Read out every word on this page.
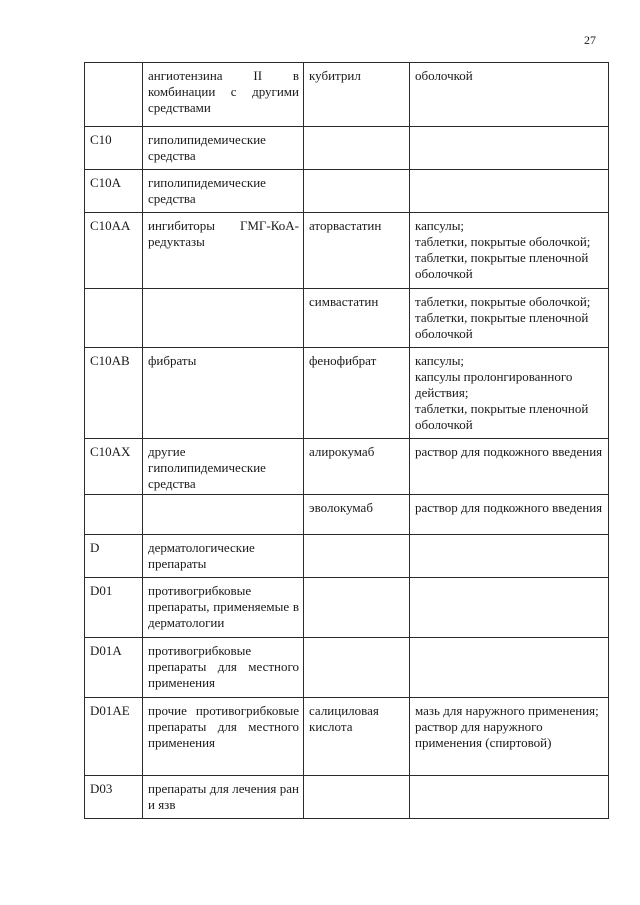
27
	ангиотензина II в комбинации с другими средствами	кубитрил	оболочкой

C10	гиполипидемические средства		
C10A	гиполипидемические средства		
C10AA	ингибиторы ГМГ-КоА-редуктазы	аторвастатин	капсулы;
таблетки, покрытые оболочкой;
таблетки, покрытые пленочной оболочкой

		симвастатин	таблетки, покрытые оболочкой;
таблетки, покрытые пленочной оболочкой

C10AB	фибраты	фенофибрат	капсулы;
капсулы пролонгированного действия;
таблетки, покрытые пленочной оболочкой

C10AX	другие гиполипидемические средства	алирокумаб	раствор для подкожного введения

		эволокумаб	раствор для подкожного введения

D	дерматологические препараты		
D01	противогрибковые препараты, применяемые в дерматологии		
D01A	противогрибковые препараты для местного применения		
D01AE	прочие противогрибковые препараты для местного применения	салициловая кислота	мазь для наружного применения;
раствор для наружного применения (спиртовой)

D03	препараты для лечения ран и язв		
